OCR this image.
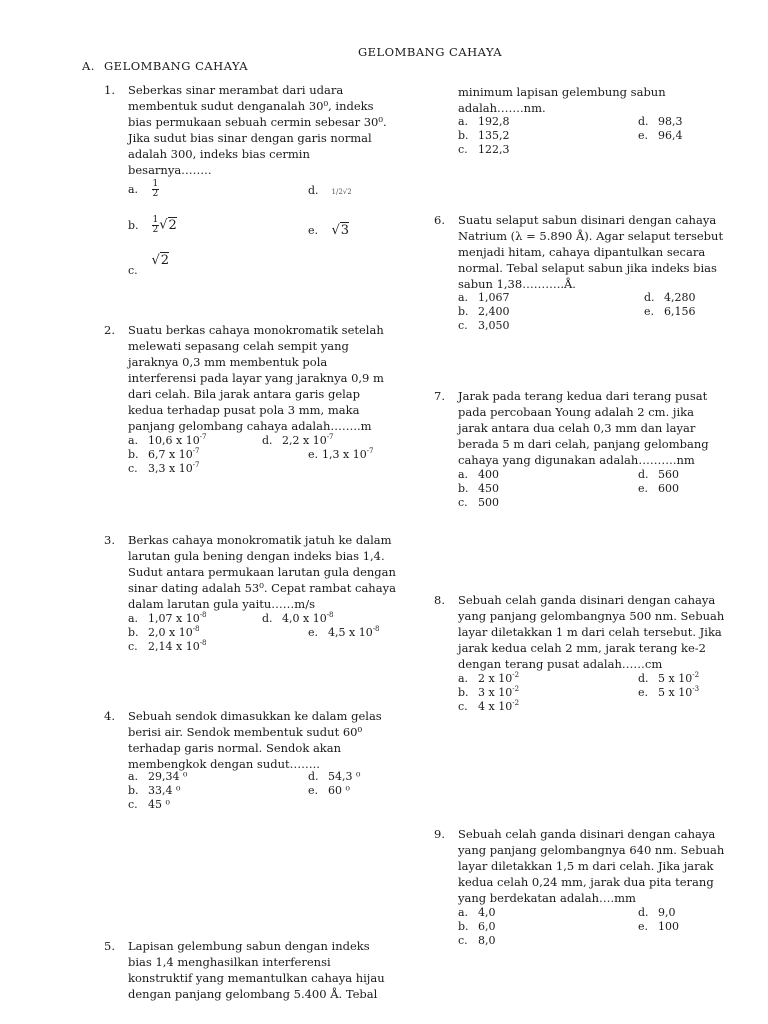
GELOMBANG CAHAYA
A. GELOMBANG CAHAYA
1. Seberkas sinar merambat dari udara

membentuk sudut denganalah 30⁰, indeks

bias permukaan sebuah cermin sebesar 30⁰.

Jika sudut bias sinar dengan garis normal

adalah 300, indeks bias cermin

besarnya……..

a. $\frac{1}{2}$	d. 1/2√2
b. $\frac{1}{2} √2$	e. √3
c. √2
2. Suatu berkas cahaya monokromatik setelah

melewati sepasang celah sempit yang

jaraknya 0,3 mm membentuk pola

interferensi pada layar yang jaraknya 0,9 m

dari celah. Bila jarak antara garis gelap

kedua terhadap pusat pola 3 mm, maka

panjang gelombang cahaya adalah……..m

a. 10,6 x $10^{-7}$	d. 2,2 x $10^{-7}$
b. 6,7 x $10^{-7}$	e. 1,3 x $10^{-7}$
c. 3,3 x $10^{-7}$
3. Berkas cahaya monokromatik jatuh ke dalam

larutan gula bening dengan indeks bias 1,4.

Sudut antara permukaan larutan gula dengan

sinar dating adalah 53⁰. Cepat rambat cahaya

dalam larutan gula yaitu……m/s

a. 1,07 x $10^{-8}$	d. 4,0 x $10^{-8}$
b. 2,0 x $10^{-8}$	e. 4,5 x $10^{-8}$
c. 2,14 x $10^{-8}$
4. Sebuah sendok dimasukkan ke dalam gelas

berisi air. Sendok membentuk sudut 60⁰

terhadap garis normal. Sendok akan

membengkok dengan sudut……..

a. 29,34 ⁰	d. 54,3 ⁰
b. 33,4 ⁰	e. 60 ⁰
c. 45 ⁰
5. Lapisan gelembung sabun dengan indeks

bias 1,4 menghasilkan interferensi

konstruktif yang memantulkan cahaya hijau

dengan panjang gelombang 5.400 Å. Tebal

minimum lapisan gelembung sabun

adalah…….nm.

a. 192,8	d. 98,3
b. 135,2	e. 96,4
c. 122,3
6. Suatu selaput sabun disinari dengan cahaya

Natrium (λ = 5.890 Å). Agar selaput tersebut

menjadi hitam, cahaya dipantulkan secara

normal. Tebal selaput sabun jika indeks bias

sabun 1,38………..Å.

a. 1,067	d. 4,280
b. 2,400	e. 6,156
c. 3,050
7. Jarak pada terang kedua dari terang pusat

pada percobaan Young adalah 2 cm. jika

jarak antara dua celah 0,3 mm dan layar

berada 5 m dari celah, panjang gelombang

cahaya yang digunakan adalah……….nm

a. 400	d. 560
b. 450	e. 600
c. 500
8. Sebuah celah ganda disinari dengan cahaya

yang panjang gelombangnya 500 nm. Sebuah

layar diletakkan 1 m dari celah tersebut. Jika

jarak kedua celah 2 mm, jarak terang ke-2

dengan terang pusat adalah……cm

a. 2 x $10^{-2}$	d. 5 x $10^{-2}$
b. 3 x $10^{-2}$	e. 5 x $10^{-3}$
c. 4 x $10^{-2}$
9. Sebuah celah ganda disinari dengan cahaya

yang panjang gelombangnya 640 nm. Sebuah

layar diletakkan 1,5 m dari celah. Jika jarak

kedua celah 0,24 mm, jarak dua pita terang

yang berdekatan adalah….mm

a. 4,0	d. 9,0
b. 6,0	e. 100
c. 8,0
